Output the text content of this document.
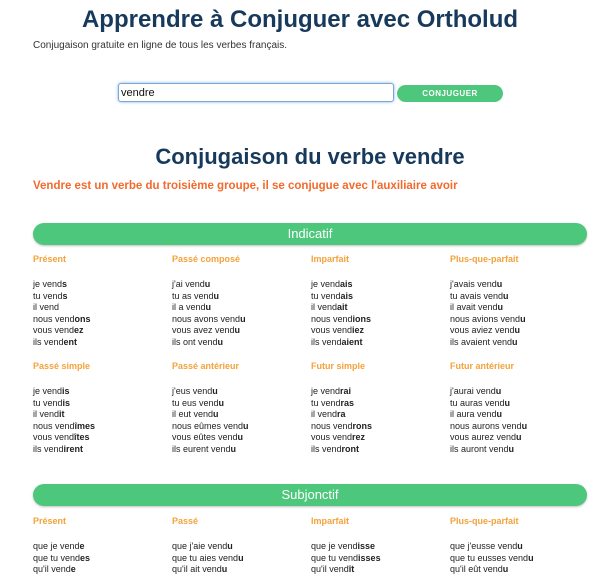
Apprendre à Conjuguer avec Ortholud

Conjugaison gratuite en ligne de tous les verbes français.

vendre
CONJUGUER
Conjugaison du verbe vendre

Vendre est un verbe du troisième groupe, il se conjugue avec l'auxiliaire avoir

Indicatif

Présent

je vends
tu vends
il vend
nous vendons
vous vendez
ils vendent

Passé composé

j'ai vendu
tu as vendu
il a vendu
nous avons vendu
vous avez vendu
ils ont vendu

Imparfait

je vendais
tu vendais
il vendait
nous vendions
vous vendiez
ils vendaient

Plus-que-parfait

j'avais vendu
tu avais vendu
il avait vendu
nous avions vendu
vous aviez vendu
ils avaient vendu

Passé simple

je vendis
tu vendis
il vendit
nous vendîmes
vous vendîtes
ils vendirent

Passé antérieur

j'eus vendu
tu eus vendu
il eut vendu
nous eûmes vendu
vous eûtes vendu
ils eurent vendu

Futur simple

je vendrai
tu vendras
il vendra
nous vendrons
vous vendrez
ils vendront

Futur antérieur

j'aurai vendu
tu auras vendu
il aura vendu
nous aurons vendu
vous aurez vendu
ils auront vendu
Subjonctif

Présent

que je vende
que tu vendes
qu'il vende

Passé

que j'aie vendu
que tu aies vendu
qu'il ait vendu

Imparfait

que je vendisse
que tu vendisses
qu'il vendît

Plus-que-parfait

que j'eusse vendu
que tu eusses vendu
qu'il eût vendu
